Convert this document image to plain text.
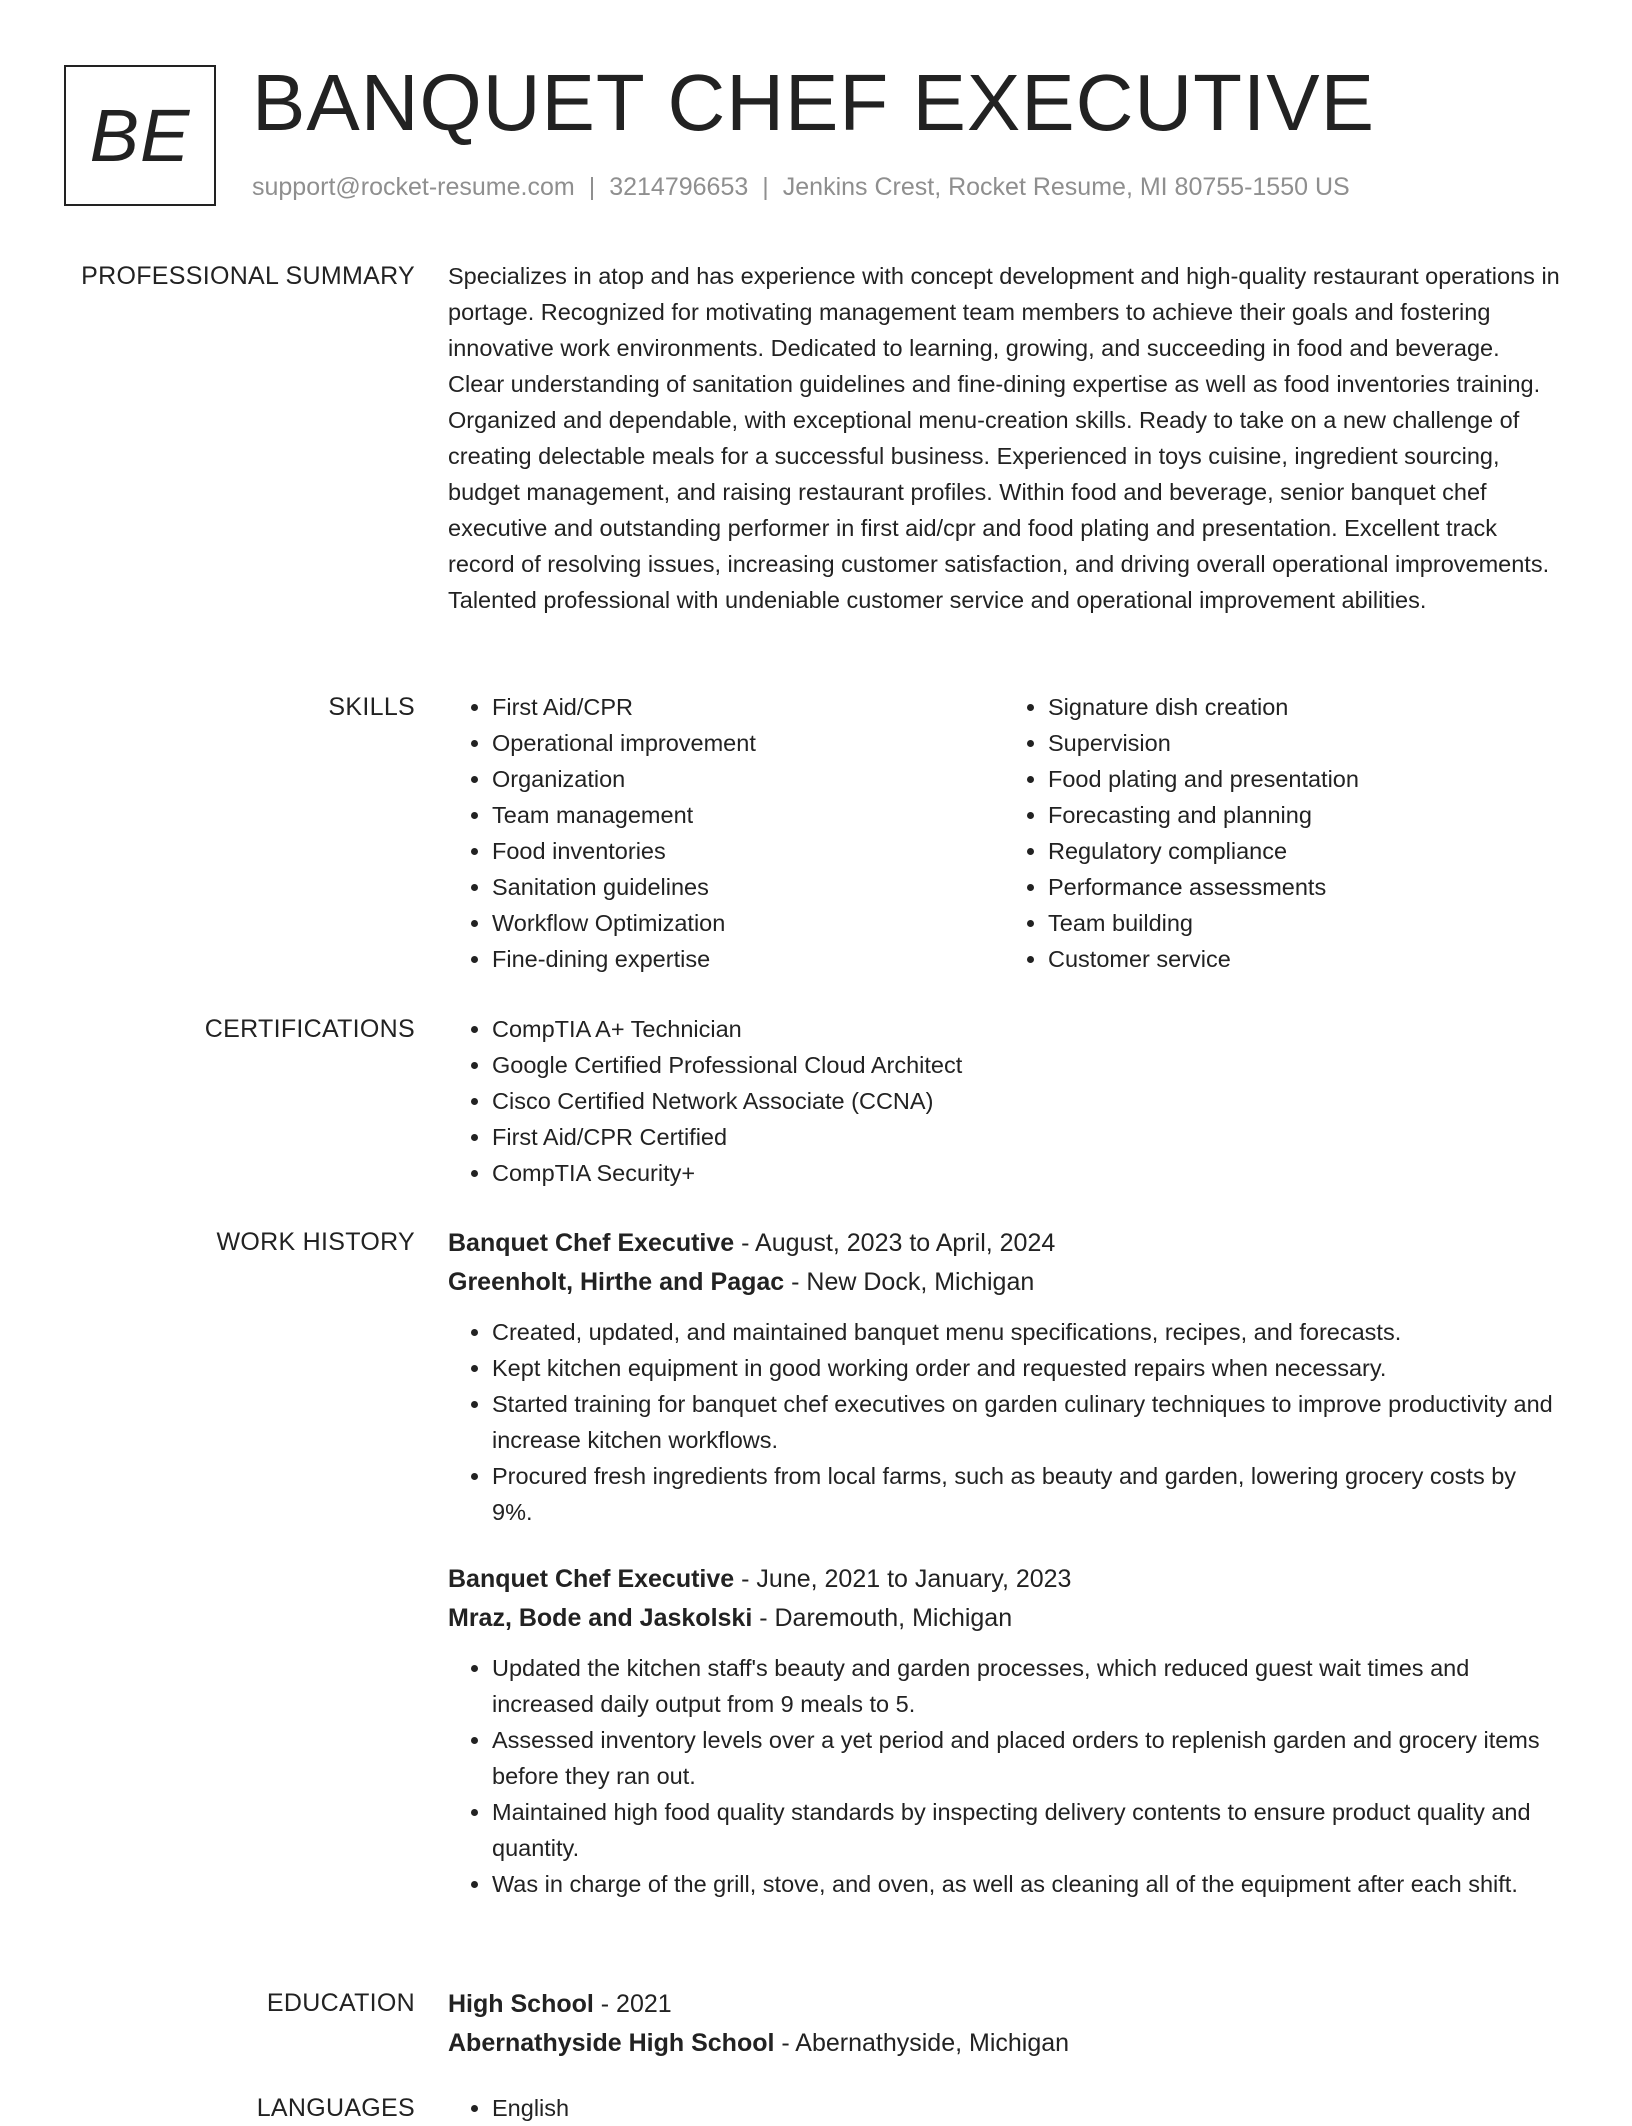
BE BANQUET CHEF EXECUTIVE
support@rocket-resume.com | 3214796653 | Jenkins Crest, Rocket Resume, MI 80755-1550 US
PROFESSIONAL SUMMARY Specializes in atop and has experience with concept development and high-quality restaurant operations in portage. Recognized for motivating management team members to achieve their goals and fostering innovative work environments. Dedicated to learning, growing, and succeeding in food and beverage. Clear understanding of sanitation guidelines and fine-dining expertise as well as food inventories training. Organized and dependable, with exceptional menu-creation skills. Ready to take on a new challenge of creating delectable meals for a successful business. Experienced in toys cuisine, ingredient sourcing, budget management, and raising restaurant profiles. Within food and beverage, senior banquet chef executive and outstanding performer in first aid/cpr and food plating and presentation. Excellent track record of resolving issues, increasing customer satisfaction, and driving overall operational improvements. Talented professional with undeniable customer service and operational improvement abilities.
SKILLS	• First Aid/CPR
• Operational improvement
• Organization
• Team management
• Food inventories
• Sanitation guidelines
• Workflow Optimization
• Fine-dining expertise
• Signature dish creation
• Supervision
• Food plating and presentation
• Forecasting and planning
• Regulatory compliance
• Performance assessments
• Team building
• Customer service
CERTIFICATIONS	• CompTIA A+ Technician
• Google Certified Professional Cloud Architect
• Cisco Certified Network Associate (CCNA)
• First Aid/CPR Certified
• CompTIA Security+
WORK HISTORY Banquet Chef Executive - August, 2023 to April, 2024
Greenholt, Hirthe and Pagac - New Dock, Michigan
• Created, updated, and maintained banquet menu specifications, recipes, and forecasts.
• Kept kitchen equipment in good working order and requested repairs when necessary.
• Started training for banquet chef executives on garden culinary techniques to improve productivity and increase kitchen workflows.
• Procured fresh ingredients from local farms, such as beauty and garden, lowering grocery costs by 9%.
Banquet Chef Executive - June, 2021 to January, 2023
Mraz, Bode and Jaskolski - Daremouth, Michigan
• Updated the kitchen staff's beauty and garden processes, which reduced guest wait times and increased daily output from 9 meals to 5.
• Assessed inventory levels over a yet period and placed orders to replenish garden and grocery items before they ran out.
• Maintained high food quality standards by inspecting delivery contents to ensure product quality and quantity.
• Was in charge of the grill, stove, and oven, as well as cleaning all of the equipment after each shift.
EDUCATION High School - 2021
Abernathyside High School - Abernathyside, Michigan
LANGUAGES	• English
